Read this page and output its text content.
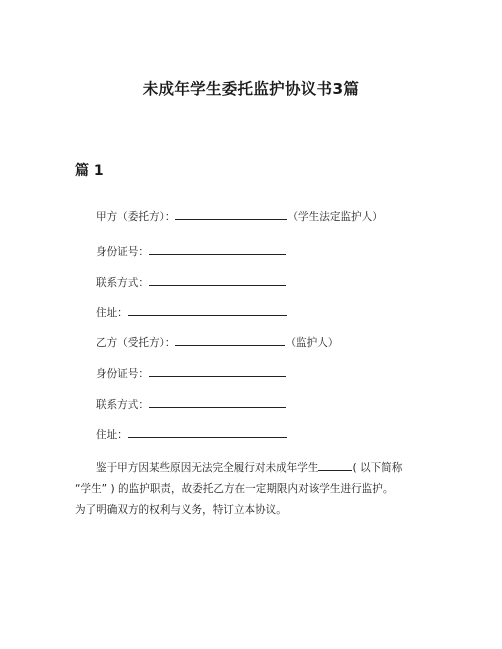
未成年学生委托监护协议书3篇
篇 1
甲方（委托方）：	（学生法定监护人）
身份证号：
联系方式：
住址：
乙方（受托方）：	（监护人）
身份证号：
联系方式：
住址：
鉴于甲方因某些原因无法完全履行对未成年学生	( 以下简称
“学生” ) 的监护职责，故委托乙方在一定期限内对该学生进行监护。
为了明确双方的权利与义务，特订立本协议。
